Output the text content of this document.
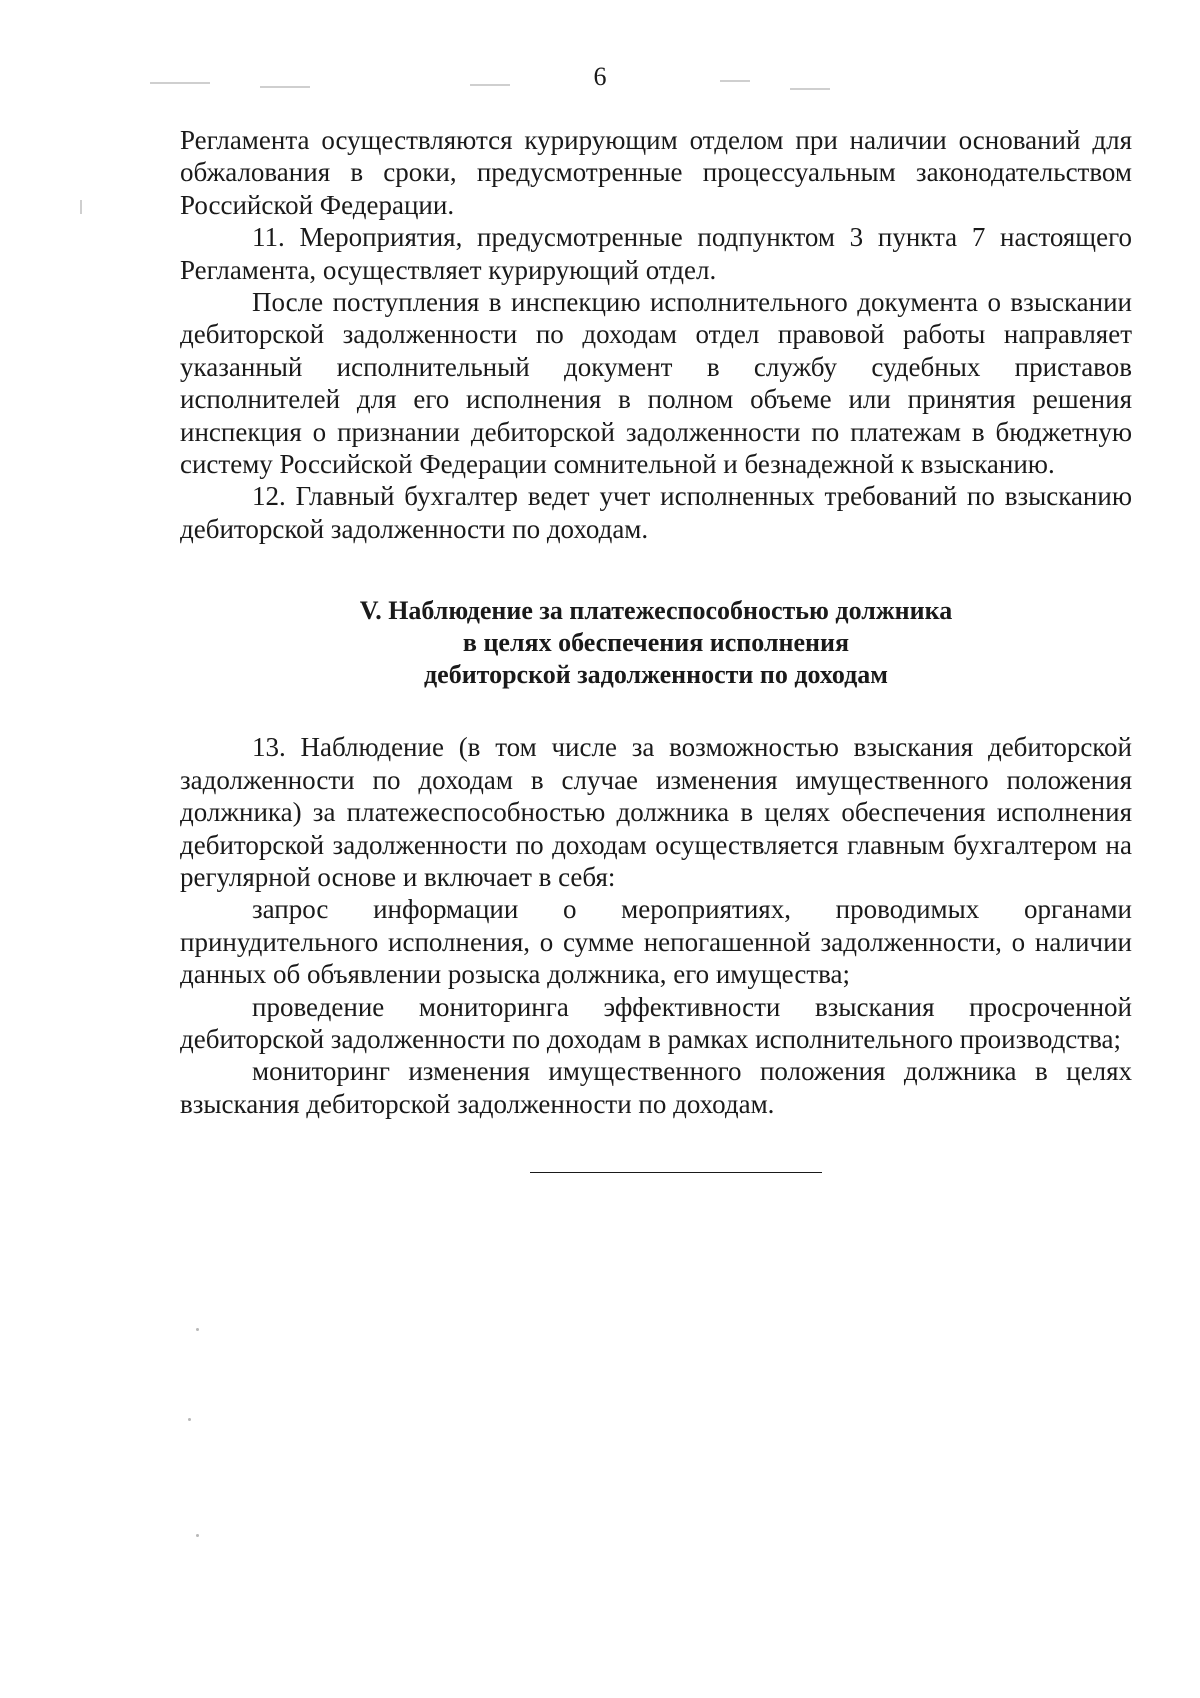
6

Регламента осуществляются курирующим отделом при наличии оснований для обжалования в сроки, предусмотренные процессуальным законодательством Российской Федерации.

11. Мероприятия, предусмотренные подпунктом 3 пункта 7 настоящего Регламента, осуществляет курирующий отдел.

После поступления в инспекцию исполнительного документа о взыскании дебиторской задолженности по доходам отдел правовой работы направляет указанный исполнительный документ в службу судебных приставов исполнителей для его исполнения в полном объеме или принятия решения инспекция о признании дебиторской задолженности по платежам в бюджетную систему Российской Федерации сомнительной и безнадежной к взысканию.

12. Главный бухгалтер ведет учет исполненных требований по взысканию дебиторской задолженности по доходам.

V. Наблюдение за платежеспособностью должника
в целях обеспечения исполнения
дебиторской задолженности по доходам

13. Наблюдение (в том числе за возможностью взыскания дебиторской задолженности по доходам в случае изменения имущественного положения должника) за платежеспособностью должника в целях обеспечения исполнения дебиторской задолженности по доходам осуществляется главным бухгалтером на регулярной основе и включает в себя:

запрос информации о мероприятиях, проводимых органами принудительного исполнения, о сумме непогашенной задолженности, о наличии данных об объявлении розыска должника, его имущества;

проведение мониторинга эффективности взыскания просроченной дебиторской задолженности по доходам в рамках исполнительного производства;

мониторинг изменения имущественного положения должника в целях взыскания дебиторской задолженности по доходам.
